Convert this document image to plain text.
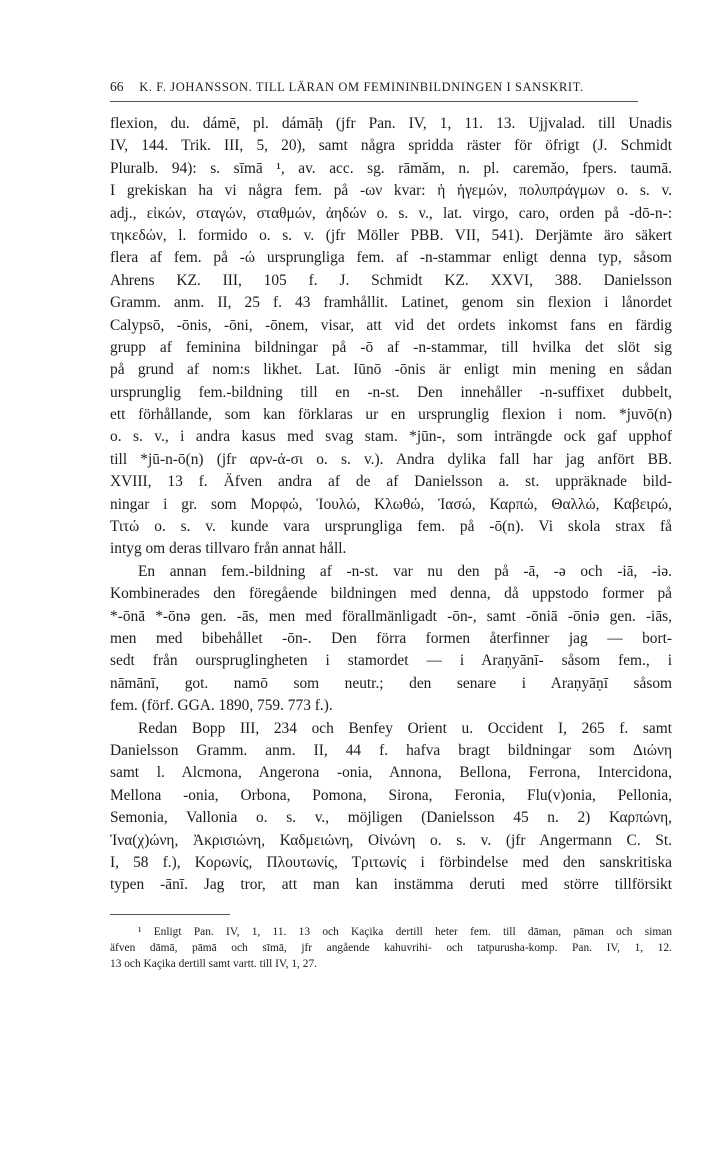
66 K. F. JOHANSSON. TILL LÄRAN OM FEMININBILDNINGEN I SANSKRIT.
flexion, du. dámē, pl. dámāḥ (jfr Pan. IV, 1, 11. 13. Ujjvalad. till Unadis
IV, 144. Trik. III, 5, 20), samt några spridda räster för öfrigt (J. Schmidt
Pluralb. 94): s. sīmā ¹, av. acc. sg. rāmăm, n. pl. caremăo, fpers. taumā.
I grekiskan ha vi några fem. på -ων kvar: ἡ ἡγεμών, πολυπράγμων o. s. v.
adj., εἰκών, σταγών, σταθμών, ἀηδών o. s. v., lat. virgo, caro, orden på -dō-n-:
τηκεδών, l. formido o. s. v. (jfr Möller PBB. VII, 541). Derjämte äro säkert
flera af fem. på -ώ ursprungliga fem. af -n-stammar enligt denna typ, såsom
Ahrens KZ. III, 105 f. J. Schmidt KZ. XXVI, 388. Danielsson
Gramm. anm. II, 25 f. 43 framhållit. Latinet, genom sin flexion i lånordet
Calypsō, -ōnis, -ōni, -ōnem, visar, att vid det ordets inkomst fans en färdig
grupp af feminina bildningar på -ō af -n-stammar, till hvilka det slöt sig
på grund af nom:s likhet. Lat. Iūnō -ōnis är enligt min mening en sådan
ursprunglig fem.-bildning till en -n-st. Den innehåller -n-suffixet dubbelt,
ett förhållande, som kan förklaras ur en ursprunglig flexion i nom. *juvō(n)
o. s. v., i andra kasus med svag stam. *jūn-, som inträngde ock gaf upphof
till *jū-n-ō(n) (jfr αρν-ά-σι o. s. v.). Andra dylika fall har jag anfört BB.
XVIII, 13 f. Äfven andra af de af Danielsson a. st. uppräknade bild-
ningar i gr. som Μορφώ, Ἰουλώ, Κλωθώ, Ἰασώ, Καρπώ, Θαλλώ, Καβειρώ,
Τιτώ o. s. v. kunde vara ursprungliga fem. på -ō(n). Vi skola strax få
intyg om deras tillvaro från annat håll.
En annan fem.-bildning af -n-st. var nu den på -ā, -ə och -iā, -iə.
Kombinerades den föregående bildningen med denna, då uppstodo former på
*-ōnā *-ōnə gen. -ās, men med förallmänligadt -ōn-, samt -ōniā -ōniə gen. -iās,
men med bibehållet -ōn-. Den förra formen återfinner jag — bort-
sedt från ourspruglingheten i stamordet — i Araṇyānī- såsom fem., i
nāmānī, got. namō som neutr.; den senare i Araṇyāṇī såsom
fem. (förf. GGA. 1890, 759. 773 f.).
Redan Bopp III, 234 och Benfey Orient u. Occident I, 265 f. samt
Danielsson Gramm. anm. II, 44 f. hafva bragt bildningar som Διώνη
samt l. Alcmona, Angerona -onia, Annona, Bellona, Ferrona, Intercidona,
Mellona -onia, Orbona, Pomona, Sirona, Feronia, Flu(v)onia, Pellonia,
Semonia, Vallonia o. s. v., möjligen (Danielsson 45 n. 2) Καρπώνη,
Ἰνα(χ)ώνη, Ἀκρισιώνη, Καδμειώνη, Οἰνώνη o. s. v. (jfr Angermann C. St.
I, 58 f.), Κορωνίς, Πλουτωνίς, Τριτωνίς i förbindelse med den sanskritiska
typen -ānī. Jag tror, att man kan instämma deruti med större tillförsikt
¹ Enligt Pan. IV, 1, 11. 13 och Kaçika dertill heter fem. till dāman, pāman och siman
äfven dāmā, pāmā och sīmā, jfr angående kahuvrihi- och tatpurusha-komp. Pan. IV, 1, 12.
13 och Kaçika dertill samt vartt. till IV, 1, 27.
